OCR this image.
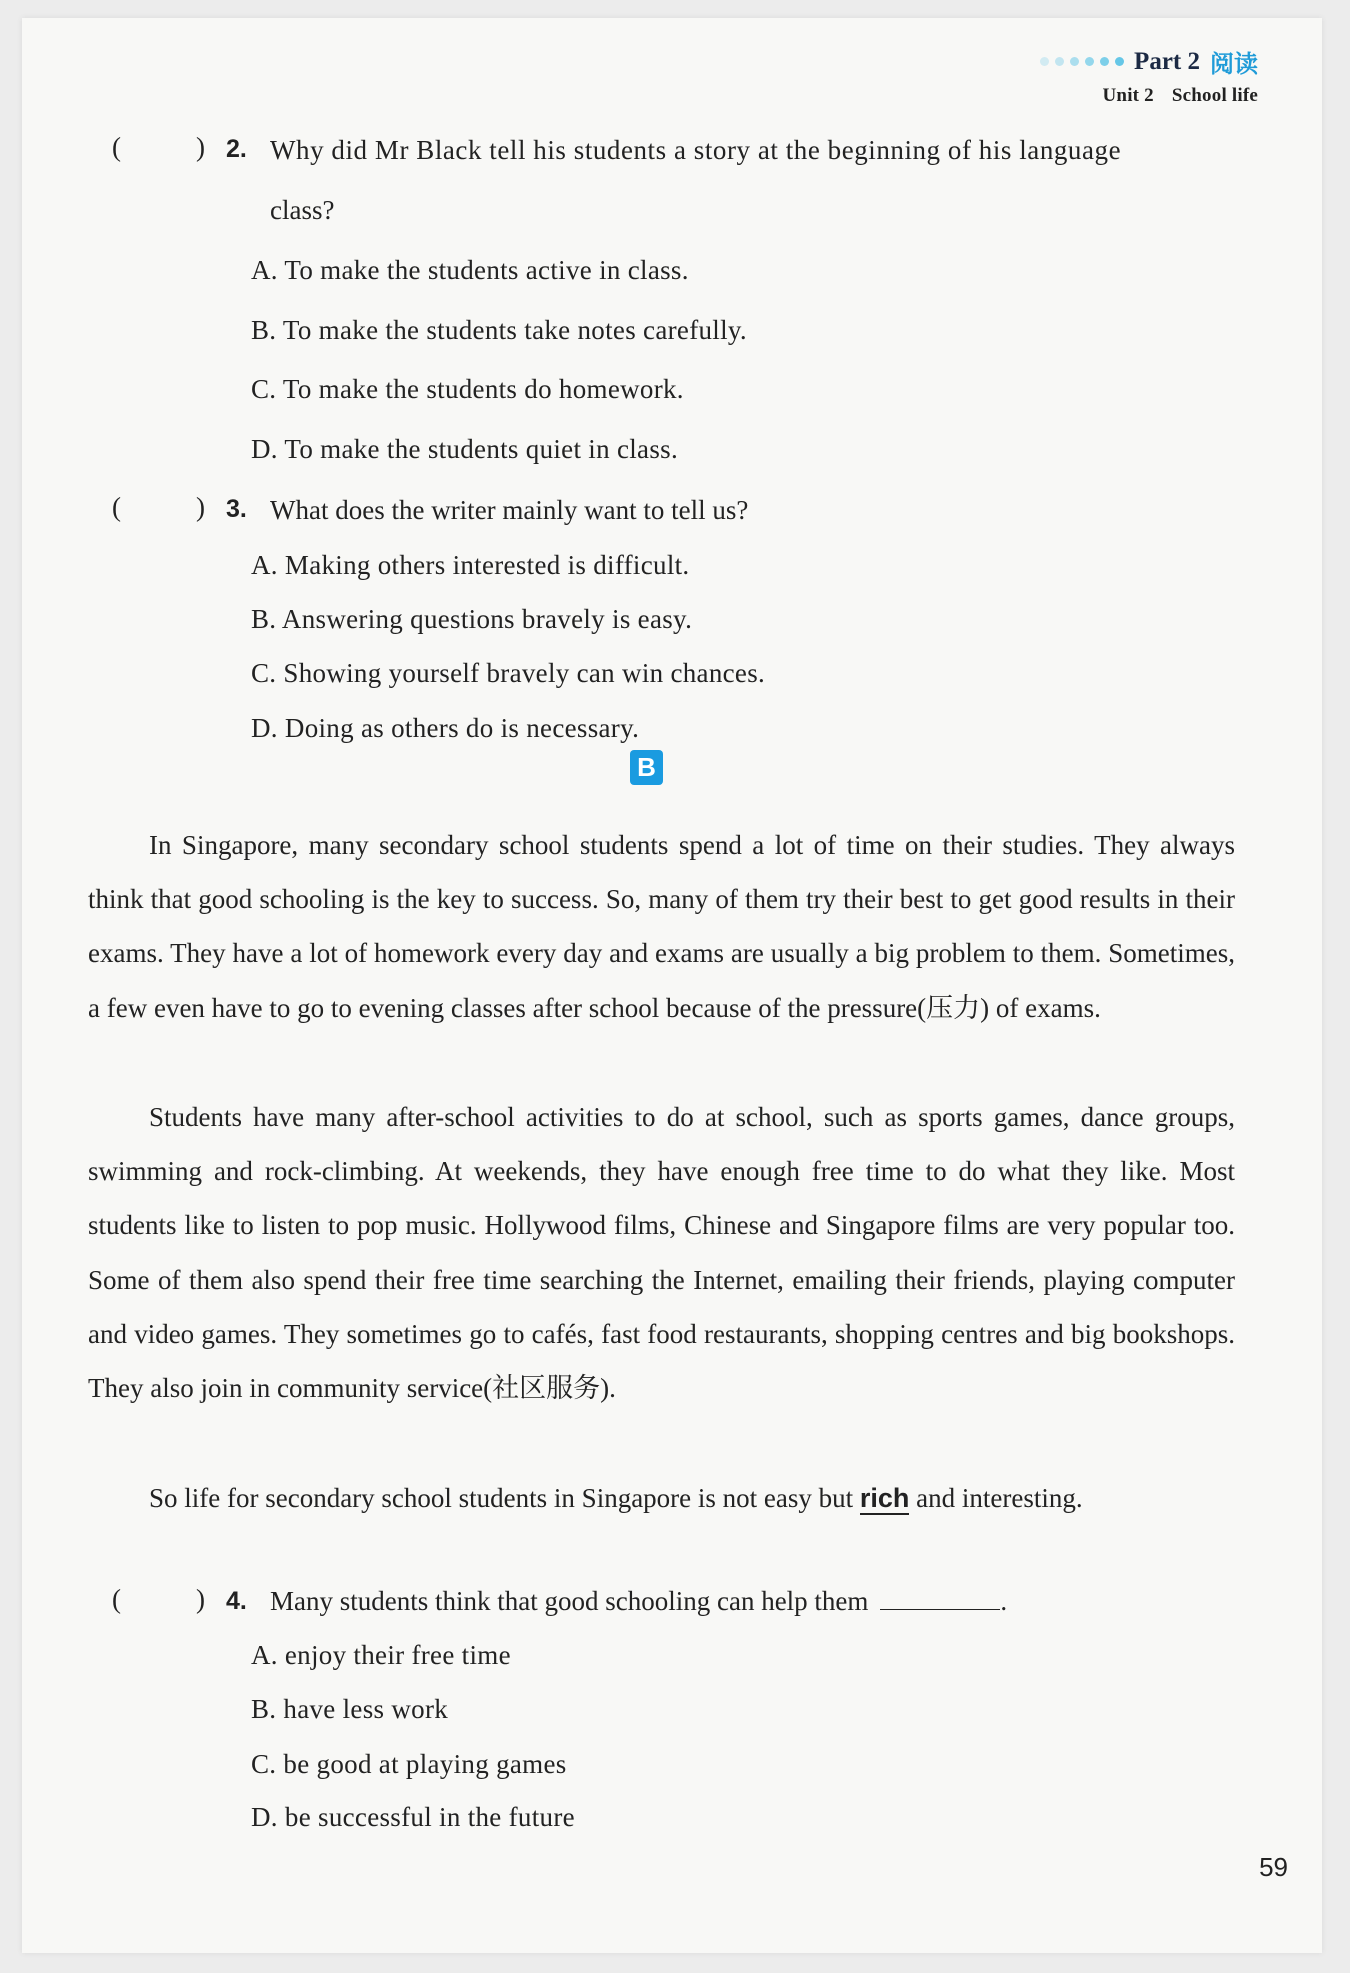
Part 2 阅读
Unit 2 School life
(	) 2. Why did Mr Black tell his students a story at the beginning of his language
class?
A. To make the students active in class.
B. To make the students take notes carefully.
C. To make the students do homework.
D. To make the students quiet in class.
(	) 3. What does the writer mainly want to tell us?
A. Making others interested is difficult.
B. Answering questions bravely is easy.
C. Showing yourself bravely can win chances.
D. Doing as others do is necessary.
B
In Singapore, many secondary school students spend a lot of time on their studies. They always think that good schooling is the key to success. So, many of them try their best to get good results in their exams. They have a lot of homework every day and exams are usually a big problem to them. Sometimes, a few even have to go to evening classes after school because of the pressure(压力) of exams.
Students have many after-school activities to do at school, such as sports games, dance groups, swimming and rock-climbing. At weekends, they have enough free time to do what they like. Most students like to listen to pop music. Hollywood films, Chinese and Singapore films are very popular too. Some of them also spend their free time searching the Internet, emailing their friends, playing computer and video games. They sometimes go to cafés, fast food restaurants, shopping centres and big bookshops. They also join in community service(社区服务).
So life for secondary school students in Singapore is not easy but rich and interesting.
(	) 4. Many students think that good schooling can help them	.
A. enjoy their free time
B. have less work
C. be good at playing games
D. be successful in the future
59
